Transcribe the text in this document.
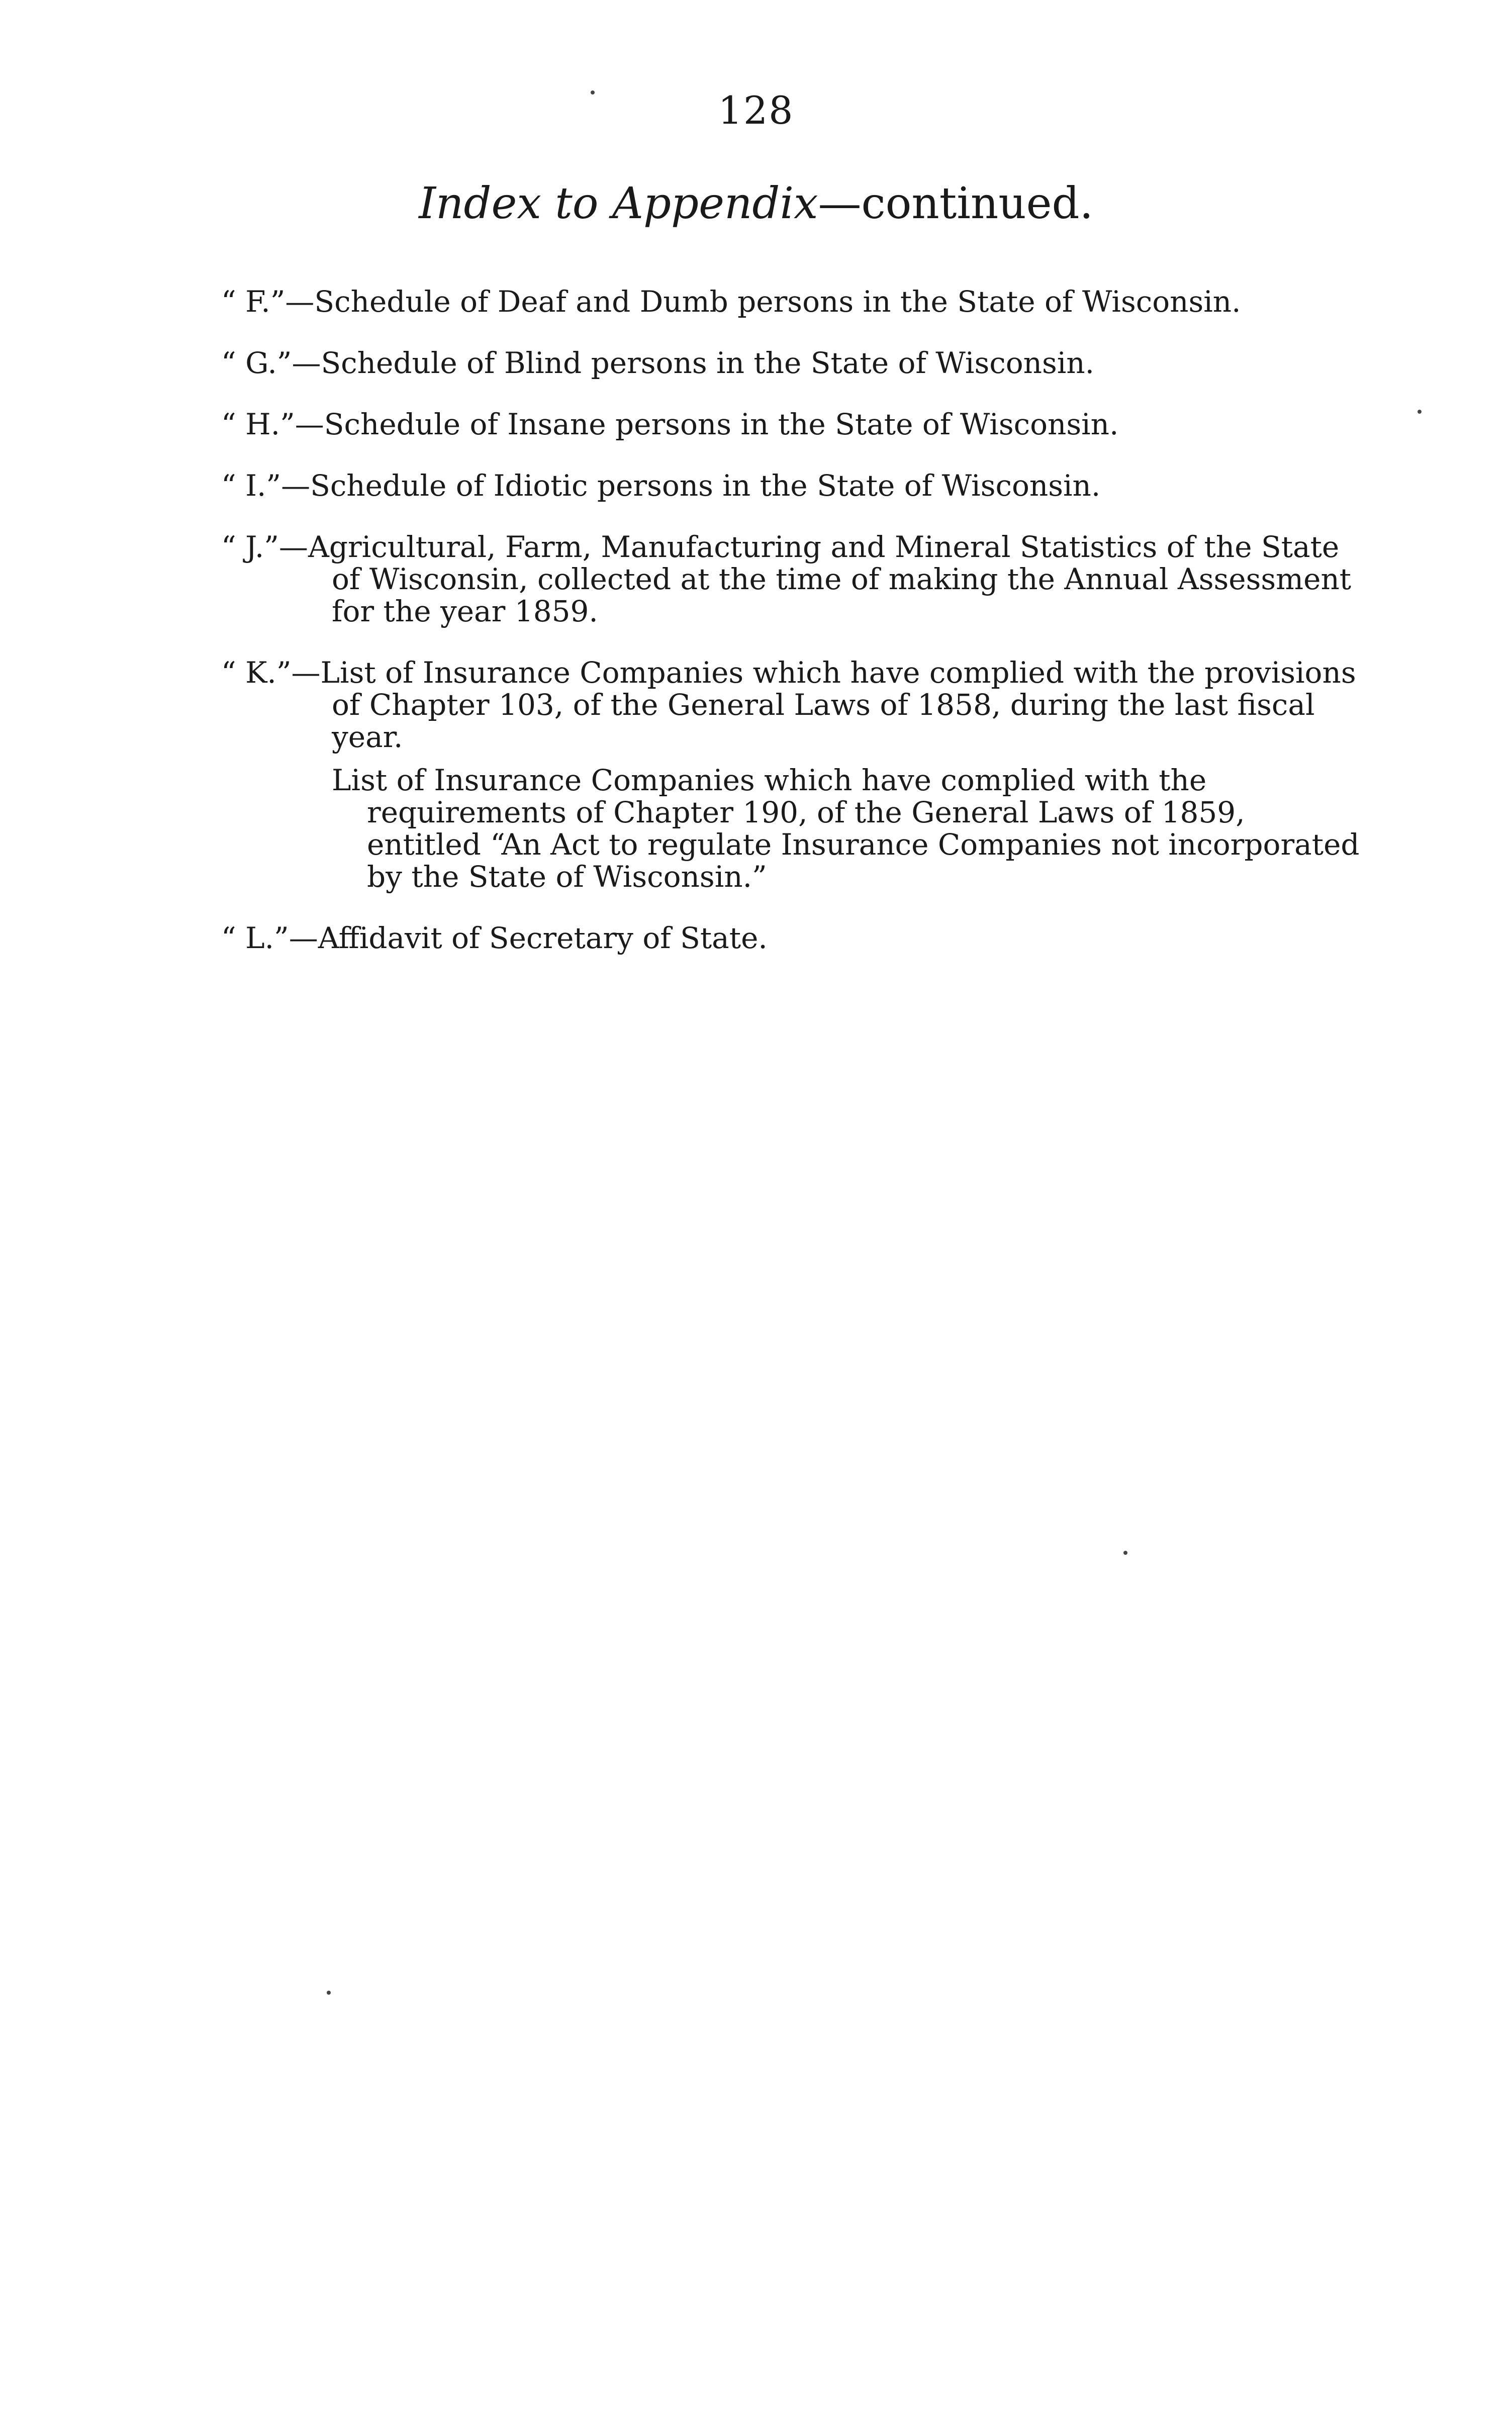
128
Index to Appendix—continued.

“ F.”—Schedule of Deaf and Dumb persons in the State of Wisconsin.

“ G.”—Schedule of Blind persons in the State of Wisconsin.

“ H.”—Schedule of Insane persons in the State of Wisconsin.

“ I.”—Schedule of Idiotic persons in the State of Wisconsin.

“ J.”—Agricultural, Farm, Manufacturing and Mineral Statistics of the State of Wisconsin, collected at the time of making the Annual Assessment for the year 1859.

“ K.”—List of Insurance Companies which have complied with the provisions of Chapter 103, of the General Laws of 1858, during the last fiscal year.

List of Insurance Companies which have complied with the requirements of Chapter 190, of the General Laws of 1859, entitled “An Act to regulate Insurance Companies not incorporated by the State of Wisconsin.”

“ L.”—Affidavit of Secretary of State.
